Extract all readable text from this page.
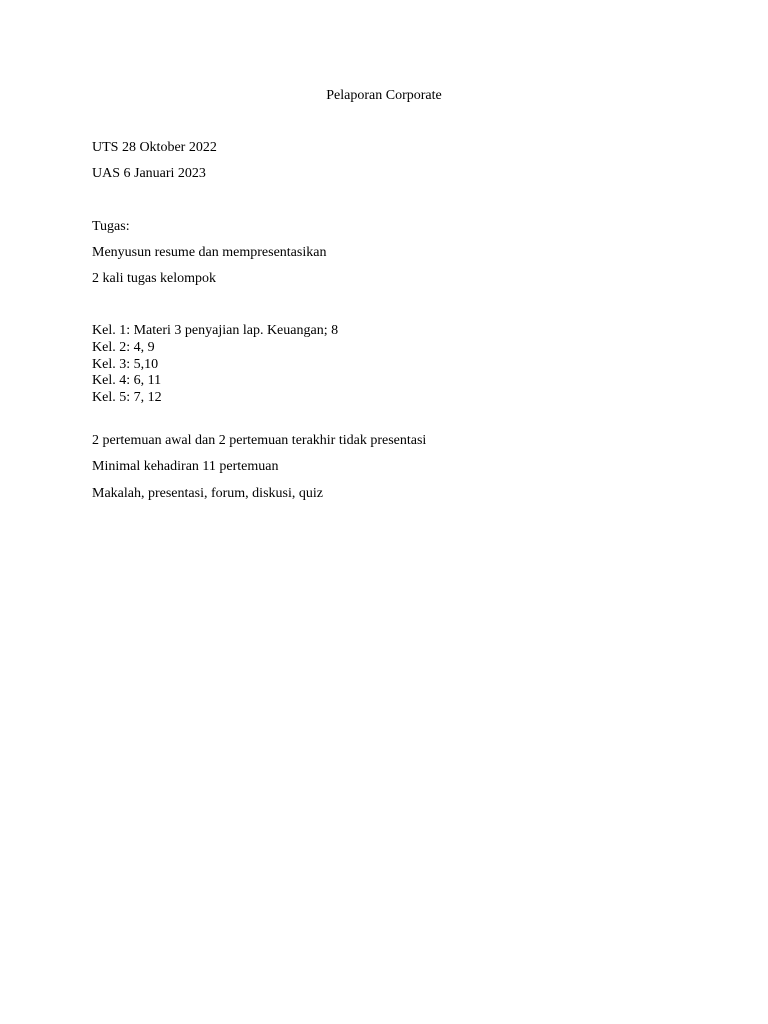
Pelaporan Corporate
UTS 28 Oktober 2022
UAS 6 Januari 2023
Tugas:
Menyusun resume dan mempresentasikan
2 kali tugas kelompok
Kel. 1: Materi 3 penyajian lap. Keuangan; 8
Kel. 2: 4, 9
Kel. 3: 5,10
Kel. 4: 6, 11
Kel. 5: 7, 12
2 pertemuan awal dan 2 pertemuan terakhir tidak presentasi
Minimal kehadiran 11 pertemuan
Makalah, presentasi, forum, diskusi, quiz
